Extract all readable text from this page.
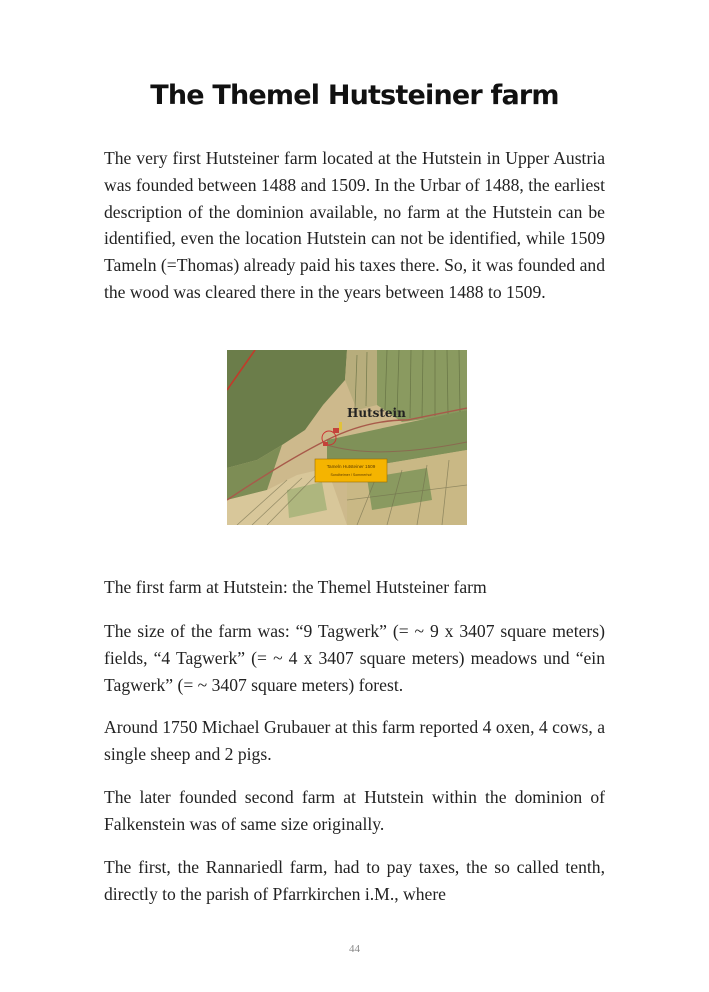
The Themel Hutsteiner farm

The very first Hutsteiner farm located at the Hutstein in Upper Austria was founded between 1488 and 1509. In the Urbar of 1488, the earliest description of the dominion available, no farm at the Hutstein can be identified, even the location Hutstein can not be identified, while 1509 Tameln (=Thomas) already paid his taxes there. So, it was founded and the wood was cleared there in the years between 1488 to 1509.

Hutstein
Tameln Hutsteiner 1509
Sondheimer / Sommerhof

The first farm at Hutstein: the Themel Hutsteiner farm

The size of the farm was: “9 Tagwerk” (= ~ 9 x 3407 square meters) fields, “4 Tagwerk” (= ~ 4 x 3407 square meters) meadows und “ein Tagwerk” (= ~ 3407 square meters) forest.

Around 1750 Michael Grubauer at this farm reported 4 oxen, 4 cows, a single sheep and 2 pigs.

The later founded second farm at Hutstein within the dominion of Falkenstein was of same size originally.

The first, the Rannariedl farm, had to pay taxes, the so called tenth, directly to the parish of Pfarrkirchen i.M., where

44
